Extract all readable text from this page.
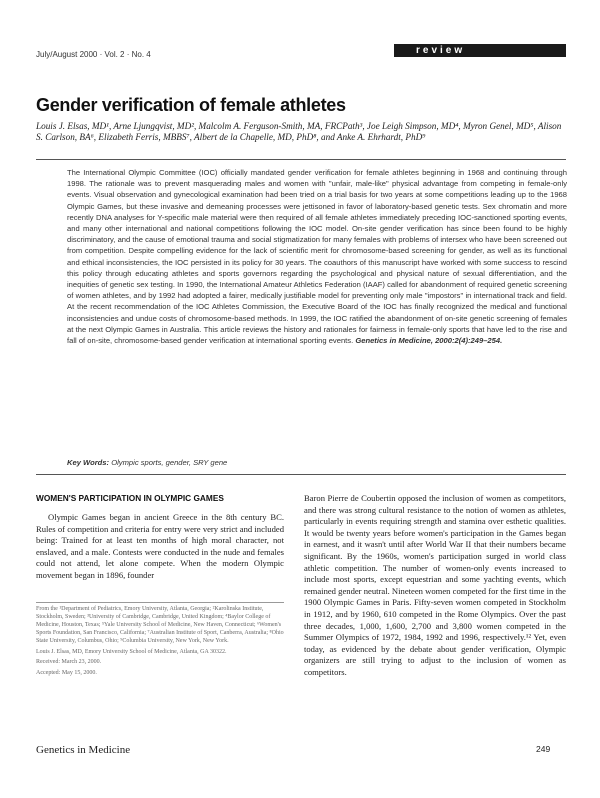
July/August 2000 · Vol. 2 · No. 4	review
Gender verification of female athletes
Louis J. Elsas, MD¹, Arne Ljungqvist, MD², Malcolm A. Ferguson-Smith, MA, FRCPath³, Joe Leigh Simpson, MD⁴, Myron Genel, MD⁵, Alison S. Carlson, BA⁶, Elizabeth Ferris, MBBS⁷, Albert de la Chapelle, MD, PhD⁸, and Anke A. Ehrhardt, PhD⁹
The International Olympic Committee (IOC) officially mandated gender verification for female athletes beginning in 1968 and continuing through 1998. The rationale was to prevent masquerading males and women with "unfair, male-like" physical advantage from competing in female-only events. Visual observation and gynecological examination had been tried on a trial basis for two years at some competitions leading up to the 1968 Olympic Games, but these invasive and demeaning processes were jettisoned in favor of laboratory-based genetic tests. Sex chromatin and more recently DNA analyses for Y-specific male material were then required of all female athletes immediately preceding IOC-sanctioned sporting events, and many other international and national competitions following the IOC model. On-site gender verification has since been found to be highly discriminatory, and the cause of emotional trauma and social stigmatization for many females with problems of intersex who have been screened out from competition. Despite compelling evidence for the lack of scientific merit for chromosome-based screening for gender, as well as its functional and ethical inconsistencies, the IOC persisted in its policy for 30 years. The coauthors of this manuscript have worked with some success to rescind this policy through educating athletes and sports governors regarding the psychological and physical nature of sexual differentiation, and the inequities of genetic sex testing. In 1990, the International Amateur Athletics Federation (IAAF) called for abandonment of required genetic screening of women athletes, and by 1992 had adopted a fairer, medically justifiable model for preventing only male "impostors" in international track and field. At the recent recommendation of the IOC Athletes Commission, the Executive Board of the IOC has finally recognized the medical and functional inconsistencies and undue costs of chromosome-based methods. In 1999, the IOC ratified the abandonment of on-site genetic screening of females at the next Olympic Games in Australia. This article reviews the history and rationales for fairness in female-only sports that have led to the rise and fall of on-site, chromosome-based gender verification at international sporting events. Genetics in Medicine, 2000:2(4):249–254.
Key Words: Olympic sports, gender, SRY gene
WOMEN'S PARTICIPATION IN OLYMPIC GAMES
Olympic Games began in ancient Greece in the 8th century BC. Rules of competition and criteria for entry were very strict and included being: Trained for at least ten months of high moral character, not enslaved, and a male. Contests were conducted in the nude and females could not attend, let alone compete. When the modern Olympic movement began in 1896, founder
Baron Pierre de Coubertin opposed the inclusion of women as competitors, and there was strong cultural resistance to the notion of women as athletes, particularly in events requiring strength and stamina over esthetic qualities. It would be twenty years before women's participation in the Games began in earnest, and it wasn't until after World War II that their numbers became significant. By the 1960s, women's participation surged in world class athletic competition. The number of women-only events increased to include most sports, except equestrian and some yachting events, which remained gender neutral. Nineteen women competed for the first time in the 1900 Olympic Games in Paris. Fifty-seven women competed in Stockholm in 1912, and by 1960, 610 competed in the Rome Olympics. Over the past three decades, 1,000, 1,600, 2,700 and 3,800 women competed in the Summer Olympics of 1972, 1984, 1992 and 1996, respectively.¹² Yet, even today, as evidenced by the debate about gender verification, Olympic organizers are still trying to adjust to the inclusion of women as competitors.

From the ¹Department of Pediatrics, Emory University, Atlanta, Georgia; ²Karolinska Institute, Stockholm, Sweden; ³University of Cambridge, Cambridge, United Kingdom; ⁴Baylor College of Medicine, Houston, Texas; ⁵Yale University School of Medicine, New Haven, Connecticut; ⁶Women's Sports Foundation, San Francisco, California; ⁷Australian Institute of Sport, Canberra, Australia; ⁸Ohio State University, Columbus, Ohio; ⁹Columbia University, New York, New York.

Louis J. Elsas, MD, Emory University School of Medicine, Atlanta, GA 30322.

Received: March 23, 2000.

Accepted: May 15, 2000.

Genetics in Medicine	249
